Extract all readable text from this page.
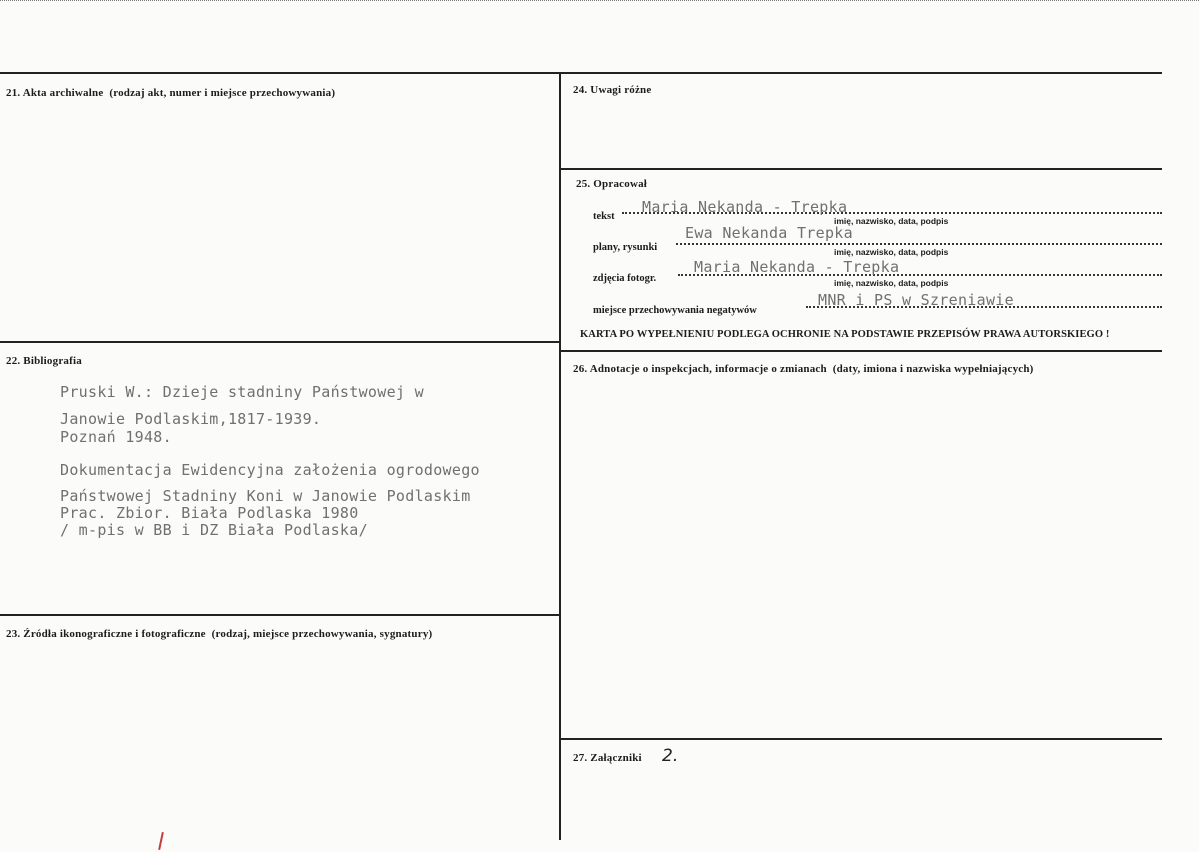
21. Akta archiwalne (rodzaj akt, numer i miejsce przechowywania)
22. Bibliografia
Pruski W.: Dzieje stadniny Państwowej w
Janowie Podlaskim,1817-1939.
Poznań 1948.
Dokumentacja Ewidencyjna założenia ogrodowego
Państwowej Stadniny Koni w Janowie Podlaskim
Prac. Zbior. Biała Podlaska 1980
/ m-pis w BB i DZ Biała Podlaska/
23. Źródła ikonograficzne i fotograficzne (rodzaj, miejsce przechowywania, sygnatury)
24. Uwagi różne
25. Opracował
tekst
Maria Nekanda - Trepka
imię, nazwisko, data, podpis
plany, rysunki
Ewa Nekanda Trepka
imię, nazwisko, data, podpis
zdjęcia fotogr.
Maria Nekanda - Trepka
imię, nazwisko, data, podpis
miejsce przechowywania negatywów
MNR i PS w Szreniawie
KARTA PO WYPEŁNIENIU PODLEGA OCHRONIE NA PODSTAWIE PRZEPISÓW PRAWA AUTORSKIEGO !
26. Adnotacje o inspekcjach, informacje o zmianach (daty, imiona i nazwiska wypełniających)
27. Załączniki 2.
